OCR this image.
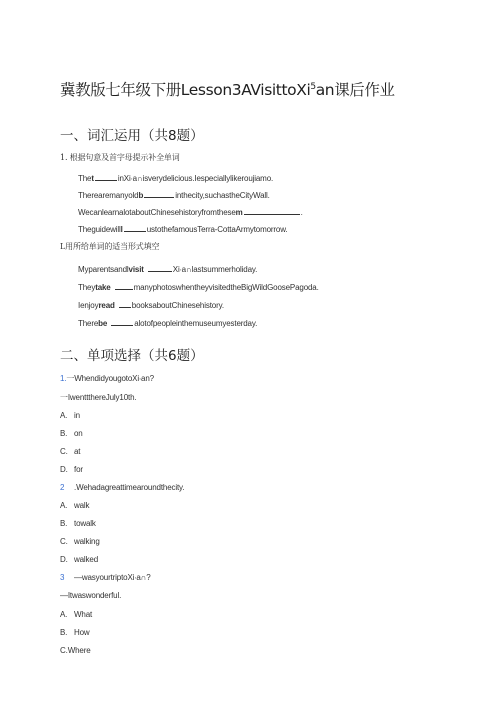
冀教版七年级下册Lesson3AVisittoXi$^5$an课后作业
一、词汇运用（共8题）
1. 根据句意及首字母提示补全单词
Thet	inXi∙a∩isverydelicious.Iespeciallylikeroujiamo.
Therearemanyoldb	inthecity,suchastheCityWall.
WecanlearnalotaboutChinesehistoryfromthesem	.
Theguidewilll	ustothefamousTerra-CottaArmytomorrow.
L用所给单词的适当形式填空
Myparentsandlvisit	Xi∙a∩lastsummerholiday.
Theytake	manyphotoswhentheyvisitedtheBigWildGoosePagoda.
Ienjoyread booksaboutChinesehistory.
Therebe	alotofpeopleinthemuseumyesterday.
二、单项选择（共6题）
1.一WhendidyougotoXi∙an?
一IwenttthereJuly10th.
A. in
B. on
C. at
D. for
2 .Wehadagreattimearoundthecity.
A. walk
B. towalk
C. walking
D. walked
3 —wasyourtriptoXi∙a∩?
—Itwaswonderful.
A. What
B. How
C.Where
